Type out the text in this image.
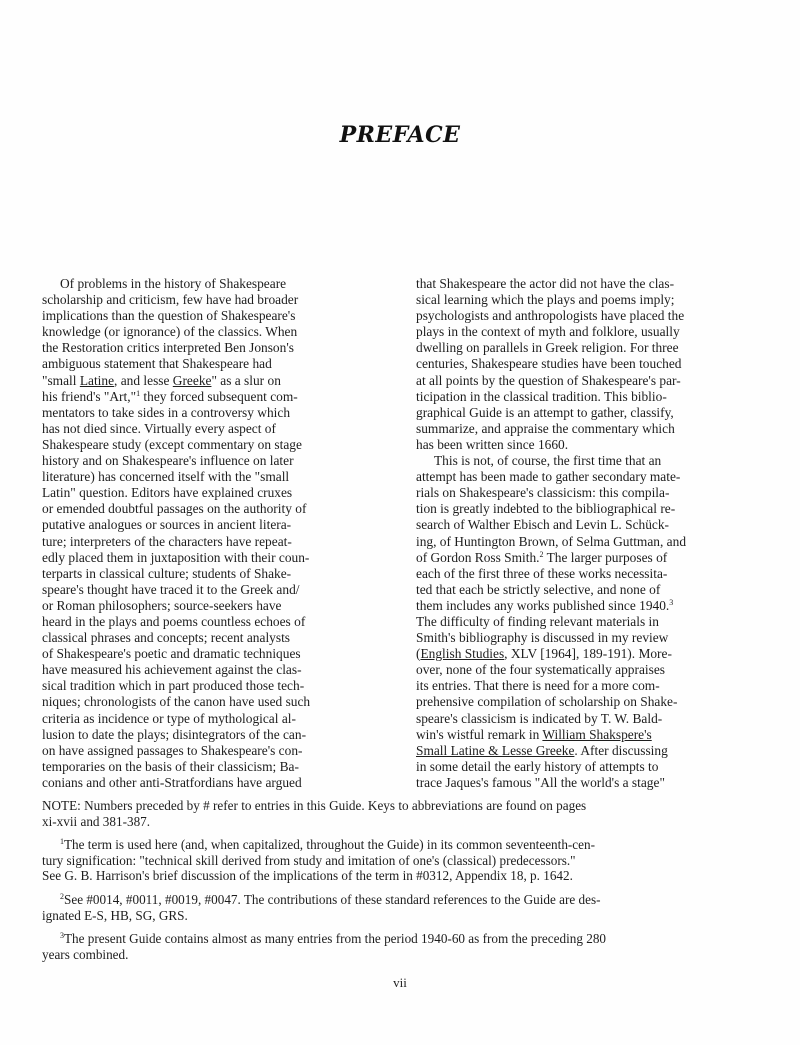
PREFACE
Of problems in the history of Shakespeare
scholarship and criticism, few have had broader
implications than the question of Shakespeare's
knowledge (or ignorance) of the classics. When
the Restoration critics interpreted Ben Jonson's
ambiguous statement that Shakespeare had
"small Latine, and lesse Greeke" as a slur on
his friend's "Art,"$^1$ they forced subsequent com-
mentators to take sides in a controversy which
has not died since. Virtually every aspect of
Shakespeare study (except commentary on stage
history and on Shakespeare's influence on later
literature) has concerned itself with the "small
Latin" question. Editors have explained cruxes
or emended doubtful passages on the authority of
putative analogues or sources in ancient litera-
ture; interpreters of the characters have repeat-
edly placed them in juxtaposition with their coun-
terparts in classical culture; students of Shake-
speare's thought have traced it to the Greek and/
or Roman philosophers; source-seekers have
heard in the plays and poems countless echoes of
classical phrases and concepts; recent analysts
of Shakespeare's poetic and dramatic techniques
have measured his achievement against the clas-
sical tradition which in part produced those tech-
niques; chronologists of the canon have used such
criteria as incidence or type of mythological al-
lusion to date the plays; disintegrators of the can-
on have assigned passages to Shakespeare's con-
temporaries on the basis of their classicism; Ba-
conians and other anti-Stratfordians have argued
that Shakespeare the actor did not have the clas-
sical learning which the plays and poems imply;
psychologists and anthropologists have placed the
plays in the context of myth and folklore, usually
dwelling on parallels in Greek religion. For three
centuries, Shakespeare studies have been touched
at all points by the question of Shakespeare's par-
ticipation in the classical tradition. This biblio-
graphical Guide is an attempt to gather, classify,
summarize, and appraise the commentary which
has been written since 1660.
This is not, of course, the first time that an
attempt has been made to gather secondary mate-
rials on Shakespeare's classicism: this compila-
tion is greatly indebted to the bibliographical re-
search of Walther Ebisch and Levin L. Schück-
ing, of Huntington Brown, of Selma Guttman, and
of Gordon Ross Smith.$^2$ The larger purposes of
each of the first three of these works necessita-
ted that each be strictly selective, and none of
them includes any works published since 1940.$^3$
The difficulty of finding relevant materials in
Smith's bibliography is discussed in my review
(English Studies, XLV [1964], 189-191). More-
over, none of the four systematically appraises
its entries. That there is need for a more com-
prehensive compilation of scholarship on Shake-
speare's classicism is indicated by T. W. Bald-
win's wistful remark in William Shakspere's
Small Latine & Lesse Greeke. After discussing
in some detail the early history of attempts to
trace Jaques's famous "All the world's a stage"
NOTE: Numbers preceded by # refer to entries in this Guide. Keys to abbreviations are found on pages
xi-xvii and 381-387.
$^1$The term is used here (and, when capitalized, throughout the Guide) in its common seventeenth-cen-
tury signification: "technical skill derived from study and imitation of one's (classical) predecessors."
See G. B. Harrison's brief discussion of the implications of the term in #0312, Appendix 18, p. 1642.
$^2$See #0014, #0011, #0019, #0047. The contributions of these standard references to the Guide are des-
ignated E-S, HB, SG, GRS.
$^3$The present Guide contains almost as many entries from the period 1940-60 as from the preceding 280
years combined.
vii
